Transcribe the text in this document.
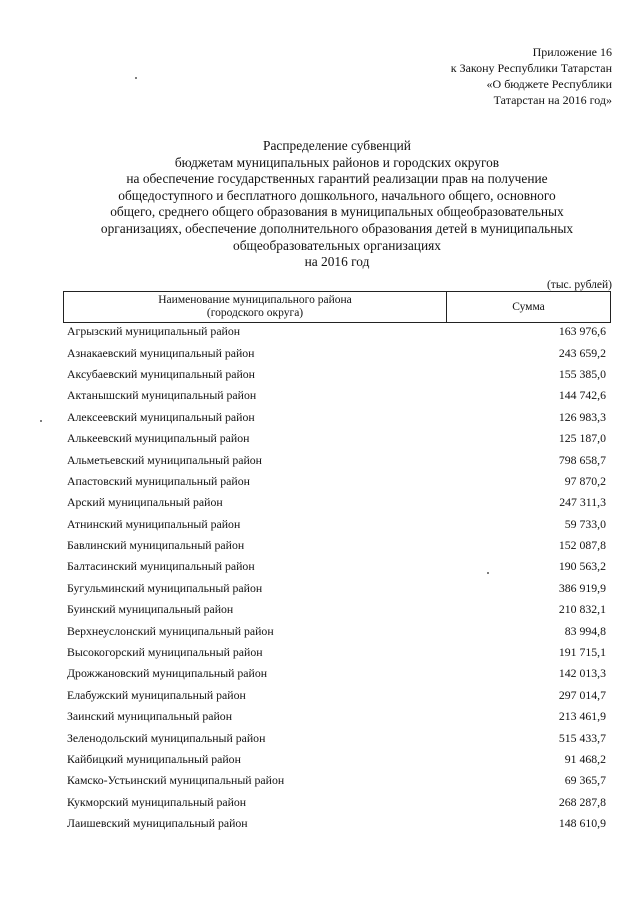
Приложение 16
к Закону Республики Татарстан
«О бюджете Республики
Татарстан на 2016 год»
Распределение субвенций
бюджетам муниципальных районов и городских округов
на обеспечение государственных гарантий реализации прав на получение
общедоступного и бесплатного дошкольного, начального общего, основного
общего, среднего общего образования в муниципальных общеобразовательных
организациях, обеспечение дополнительного образования детей в муниципальных
общеобразовательных организациях
на 2016 год
(тыс. рублей)
Наименование муниципального района
(городского округа)
	Сумма
Агрызский муниципальный район	163 976,6
Азнакаевский муниципальный район	243 659,2
Аксубаевский муниципальный район	155 385,0
Актанышский муниципальный район	144 742,6
Алексеевский муниципальный район	126 983,3
Алькеевский муниципальный район	125 187,0
Альметьевский муниципальный район	798 658,7
Апастовский муниципальный район	97 870,2
Арский муниципальный район	247 311,3
Атнинский муниципальный район	59 733,0
Бавлинский муниципальный район	152 087,8
Балтасинский муниципальный район	190 563,2
Бугульминский муниципальный район	386 919,9
Буинский муниципальный район	210 832,1
Верхнеуслонский муниципальный район	83 994,8
Высокогорский муниципальный район	191 715,1
Дрожжановский муниципальный район	142 013,3
Елабужский муниципальный район	297 014,7
Заинский муниципальный район	213 461,9
Зеленодольский муниципальный район	515 433,7
Кайбицкий муниципальный район	91 468,2
Камско-Устьинский муниципальный район	69 365,7
Кукморский муниципальный район	268 287,8
Лаишевский муниципальный район	148 610,9
